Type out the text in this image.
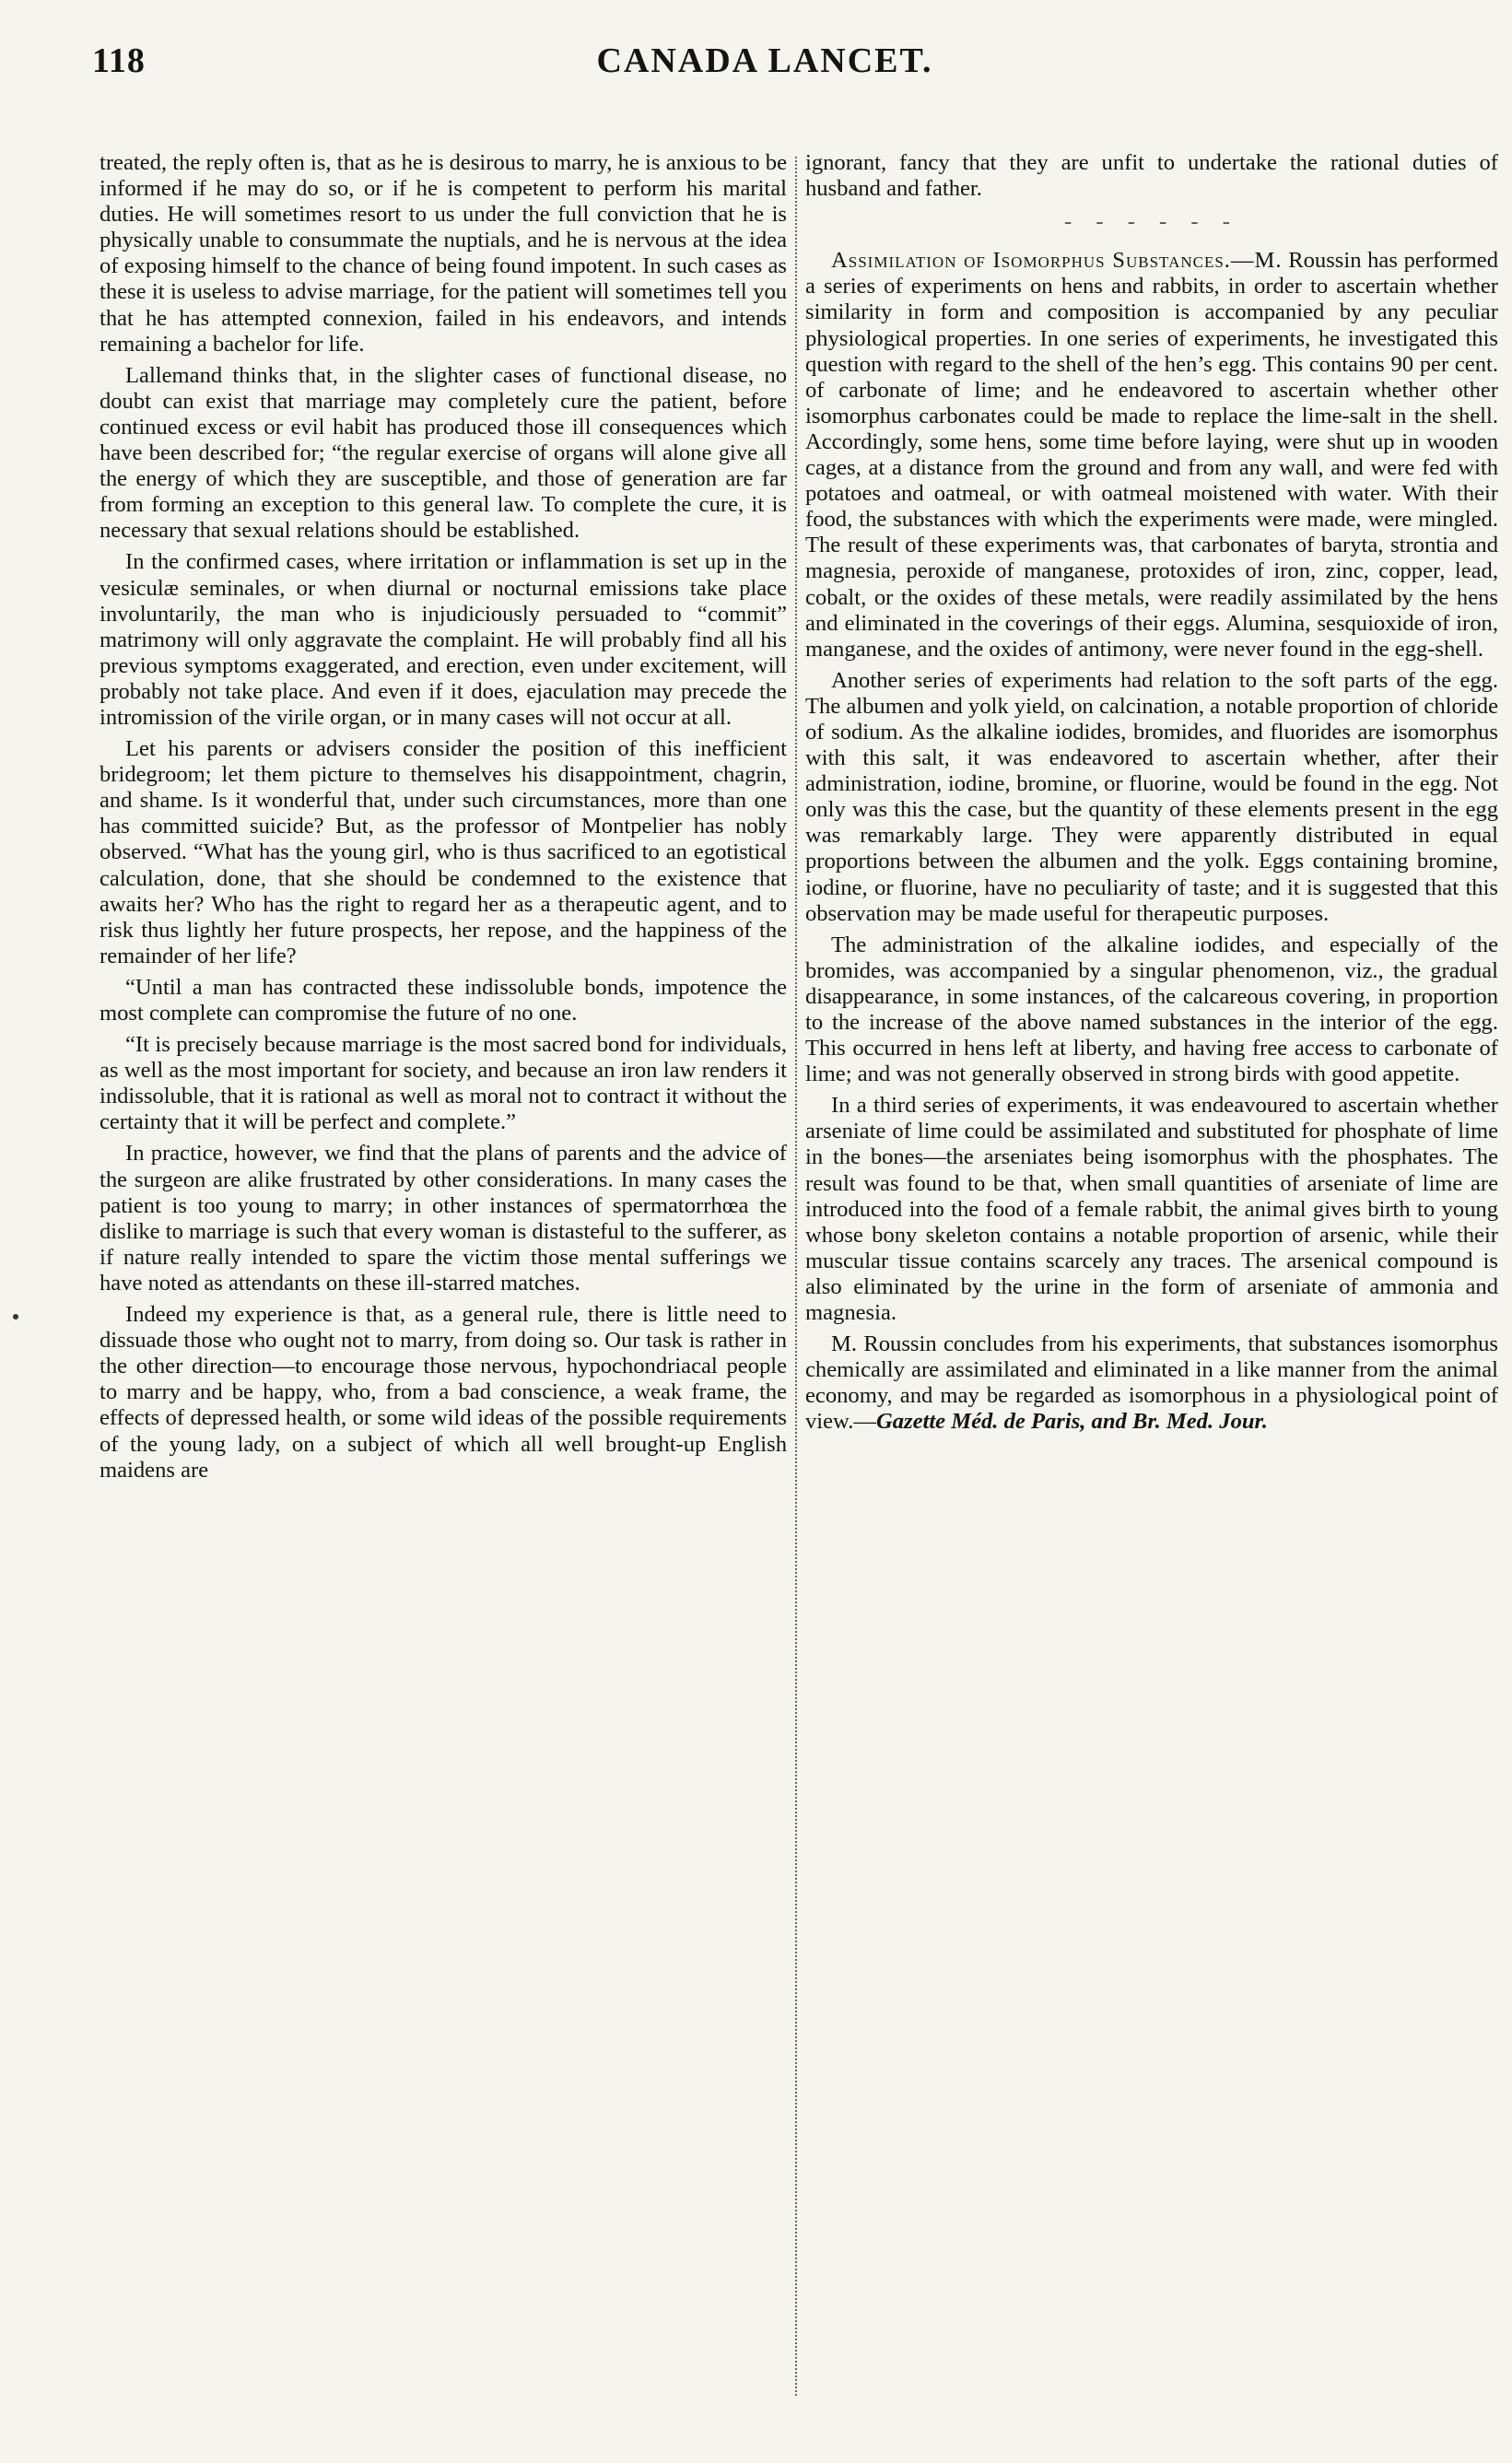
118	CANADA LANCET.

treated, the reply often is, that as he is desirous to marry, he is anxious to be informed if he may do so, or if he is competent to perform his marital duties. He will sometimes resort to us under the full conviction that he is physically unable to consummate the nuptials, and he is nervous at the idea of exposing himself to the chance of being found impotent. In such cases as these it is useless to advise marriage, for the patient will sometimes tell you that he has attempted connexion, failed in his endeavors, and intends remaining a bachelor for life.

Lallemand thinks that, in the slighter cases of functional disease, no doubt can exist that marriage may completely cure the patient, before continued excess or evil habit has produced those ill consequences which have been described for; “the regular exercise of organs will alone give all the energy of which they are susceptible, and those of generation are far from forming an exception to this general law. To complete the cure, it is necessary that sexual relations should be established.

In the confirmed cases, where irritation or inflammation is set up in the vesiculæ seminales, or when diurnal or nocturnal emissions take place involuntarily, the man who is injudiciously persuaded to “commit” matrimony will only aggravate the complaint. He will probably find all his previous symptoms exaggerated, and erection, even under excitement, will probably not take place. And even if it does, ejaculation may precede the intromission of the virile organ, or in many cases will not occur at all.

Let his parents or advisers consider the position of this inefficient bridegroom; let them picture to themselves his disappointment, chagrin, and shame. Is it wonderful that, under such circumstances, more than one has committed suicide? But, as the professor of Montpelier has nobly observed. “What has the young girl, who is thus sacrificed to an egotistical calculation, done, that she should be condemned to the existence that awaits her? Who has the right to regard her as a therapeutic agent, and to risk thus lightly her future prospects, her repose, and the happiness of the remainder of her life?

“Until a man has contracted these indissoluble bonds, impotence the most complete can compromise the future of no one.

“It is precisely because marriage is the most sacred bond for individuals, as well as the most important for society, and because an iron law renders it indissoluble, that it is rational as well as moral not to contract it without the certainty that it will be perfect and complete.”

In practice, however, we find that the plans of parents and the advice of the surgeon are alike frustrated by other considerations. In many cases the patient is too young to marry; in other instances of spermatorrhœa the dislike to marriage is such that every woman is distasteful to the sufferer, as if nature really intended to spare the victim those mental sufferings we have noted as attendants on these ill-starred matches.

Indeed my experience is that, as a general rule, there is little need to dissuade those who ought not to marry, from doing so. Our task is rather in the other direction—to encourage those nervous, hypochondriacal people to marry and be happy, who, from a bad conscience, a weak frame, the effects of depressed health, or some wild ideas of the possible requirements of the young lady, on a subject of which all well brought-up English maidens are

ignorant, fancy that they are unfit to undertake the rational duties of husband and father.

- - - - - -

Assimilation of Isomorphus Substances.—M. Roussin has performed a series of experiments on hens and rabbits, in order to ascertain whether similarity in form and composition is accompanied by any peculiar physiological properties. In one series of experiments, he investigated this question with regard to the shell of the hen’s egg. This contains 90 per cent. of carbonate of lime; and he endeavored to ascertain whether other isomorphus carbonates could be made to replace the lime-salt in the shell. Accordingly, some hens, some time before laying, were shut up in wooden cages, at a distance from the ground and from any wall, and were fed with potatoes and oatmeal, or with oatmeal moistened with water. With their food, the substances with which the experiments were made, were mingled. The result of these experiments was, that carbonates of baryta, strontia and magnesia, peroxide of manganese, protoxides of iron, zinc, copper, lead, cobalt, or the oxides of these metals, were readily assimilated by the hens and eliminated in the coverings of their eggs. Alumina, sesquioxide of iron, manganese, and the oxides of antimony, were never found in the egg-shell.

Another series of experiments had relation to the soft parts of the egg. The albumen and yolk yield, on calcination, a notable proportion of chloride of sodium. As the alkaline iodides, bromides, and fluorides are isomorphus with this salt, it was endeavored to ascertain whether, after their administration, iodine, bromine, or fluorine, would be found in the egg. Not only was this the case, but the quantity of these elements present in the egg was remarkably large. They were apparently distributed in equal proportions between the albumen and the yolk. Eggs containing bromine, iodine, or fluorine, have no peculiarity of taste; and it is suggested that this observation may be made useful for therapeutic purposes.

The administration of the alkaline iodides, and especially of the bromides, was accompanied by a singular phenomenon, viz., the gradual disappearance, in some instances, of the calcareous covering, in proportion to the increase of the above named substances in the interior of the egg. This occurred in hens left at liberty, and having free access to carbonate of lime; and was not generally observed in strong birds with good appetite.

In a third series of experiments, it was endeavoured to ascertain whether arseniate of lime could be assimilated and substituted for phosphate of lime in the bones—the arseniates being isomorphus with the phosphates. The result was found to be that, when small quantities of arseniate of lime are introduced into the food of a female rabbit, the animal gives birth to young whose bony skeleton contains a notable proportion of arsenic, while their muscular tissue contains scarcely any traces. The arsenical compound is also eliminated by the urine in the form of arseniate of ammonia and magnesia.

M. Roussin concludes from his experiments, that substances isomorphus chemically are assimilated and eliminated in a like manner from the animal economy, and may be regarded as isomorphous in a physiological point of view.—Gazette Méd. de Paris, and Br. Med. Jour.
